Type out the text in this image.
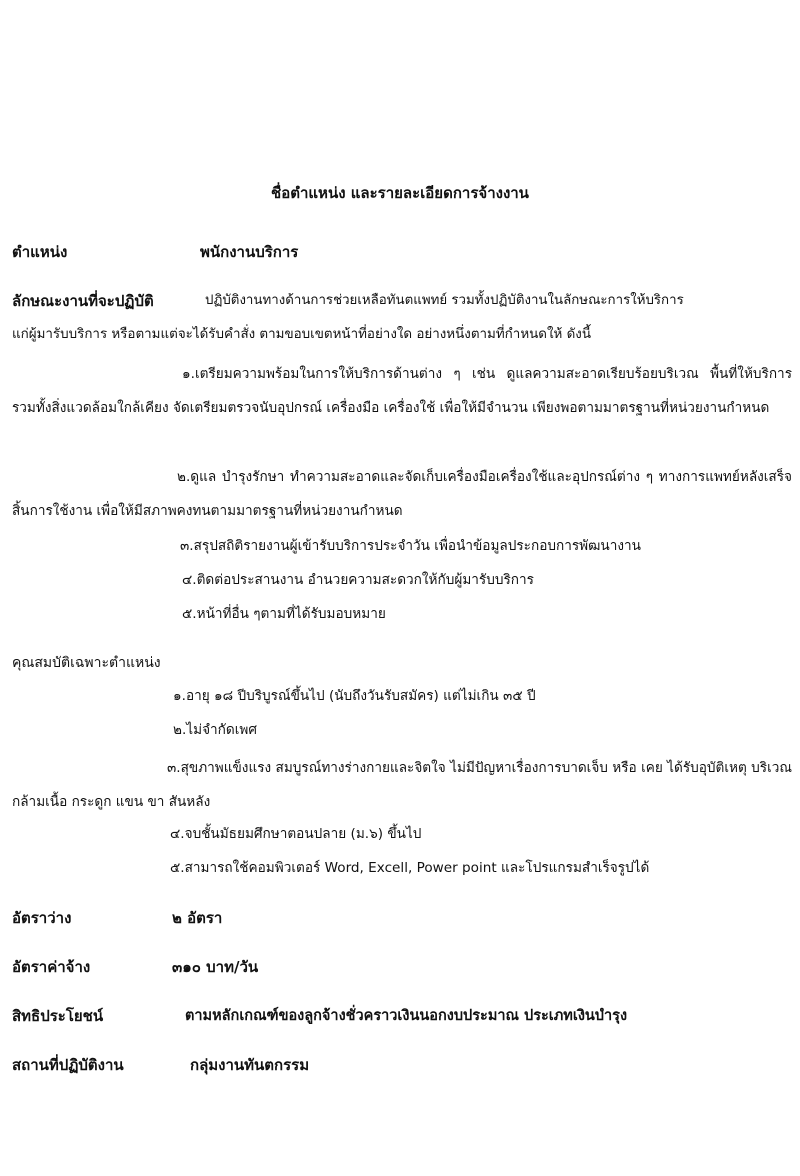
ชื่อตำแหน่ง และรายละเอียดการจ้างงาน
ตำแหน่ง	พนักงานบริการ
ลักษณะงานที่จะปฏิบัติ	ปฏิบัติงานทางด้านการช่วยเหลือทันตแพทย์ รวมทั้งปฏิบัติงานในลักษณะการให้บริการ
แก่ผู้มารับบริการ หรือตามแต่จะได้รับคำสั่ง ตามขอบเขตหน้าที่อย่างใด อย่างหนึ่งตามที่กำหนดให้ ดังนี้

๑.เตรียมความพร้อมในการให้บริการด้านต่าง ๆ เช่น ดูแลความสะอาดเรียบร้อยบริเวณ พื้นที่ให้บริการ รวมทั้งสิ่งแวดล้อมใกล้เคียง จัดเตรียมตรวจนับอุปกรณ์ เครื่องมือ เครื่องใช้ เพื่อให้มีจำนวน เพียงพอตามมาตรฐานที่หน่วยงานกำหนด

๒.ดูแล บำรุงรักษา ทำความสะอาดและจัดเก็บเครื่องมือเครื่องใช้และอุปกรณ์ต่าง ๆ ทางการแพทย์หลังเสร็จสิ้นการใช้งาน เพื่อให้มีสภาพคงทนตามมาตรฐานที่หน่วยงานกำหนด

๓.สรุปสถิติรายงานผู้เข้ารับบริการประจำวัน เพื่อนำข้อมูลประกอบการพัฒนางาน
๔.ติดต่อประสานงาน อำนวยความสะดวกให้กับผู้มารับบริการ
๕.หน้าที่อื่น ๆตามที่ได้รับมอบหมาย
คุณสมบัติเฉพาะตำแหน่ง
๑.อายุ ๑๘ ปีบริบูรณ์ขึ้นไป (นับถึงวันรับสมัคร) แต่ไม่เกิน ๓๕ ปี
๒.ไม่จำกัดเพศ

๓.สุขภาพแข็งแรง สมบูรณ์ทางร่างกายและจิตใจ ไม่มีปัญหาเรื่องการบาดเจ็บ หรือ เคย ได้รับอุบัติเหตุ บริเวณกล้ามเนื้อ กระดูก แขน ขา สันหลัง

๔.จบชั้นมัธยมศึกษาตอนปลาย (ม.๖) ขึ้นไป
๕.สามารถใช้คอมพิวเตอร์ Word, Excell, Power point และโปรแกรมสำเร็จรูปได้
อัตราว่าง	๒ อัตรา
อัตราค่าจ้าง	๓๑๐ บาท/วัน
สิทธิประโยชน์	ตามหลักเกณฑ์ของลูกจ้างชั่วคราวเงินนอกงบประมาณ ประเภทเงินบำรุง
สถานที่ปฏิบัติงาน	กลุ่มงานทันตกรรม
